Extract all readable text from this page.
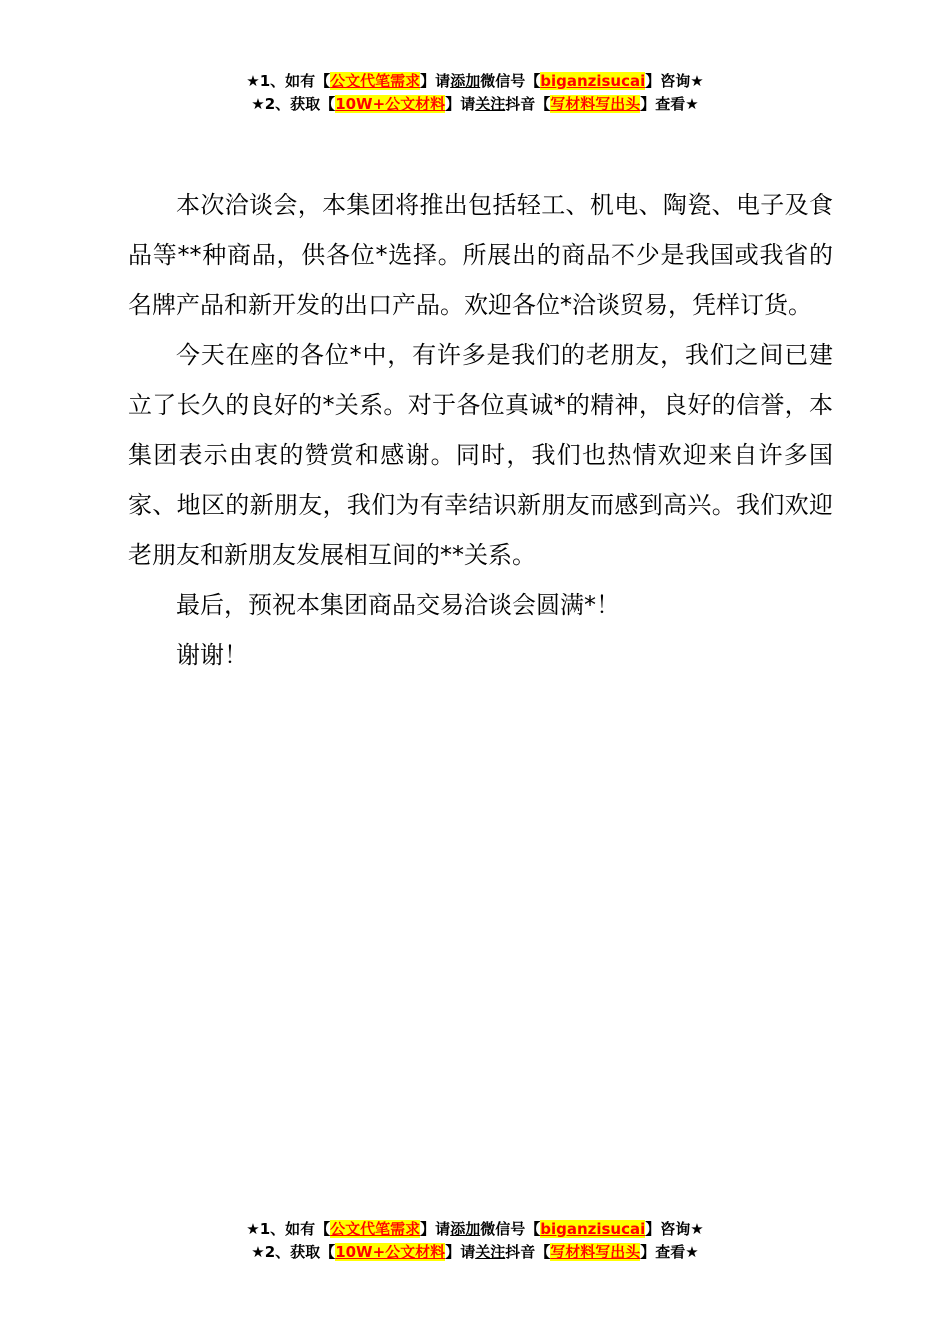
★1、如有【公文代笔需求】请添加微信号【biganzisucai】咨询★
★2、获取【10W+公文材料】请关注抖音【写材料写出头】查看★

本次洽谈会，本集团将推出包括轻工、机电、陶瓷、电子及食品等**种商品，供各位*选择。所展出的商品不少是我国或我省的名牌产品和新开发的出口产品。欢迎各位*洽谈贸易，凭样订货。

今天在座的各位*中，有许多是我们的老朋友，我们之间已建立了长久的良好的*关系。对于各位真诚*的精神，良好的信誉，本集团表示由衷的赞赏和感谢。同时，我们也热情欢迎来自许多国家、地区的新朋友，我们为有幸结识新朋友而感到高兴。我们欢迎老朋友和新朋友发展相互间的**关系。

最后，预祝本集团商品交易洽谈会圆满*！

谢谢！

★1、如有【公文代笔需求】请添加微信号【biganzisucai】咨询★
★2、获取【10W+公文材料】请关注抖音【写材料写出头】查看★
